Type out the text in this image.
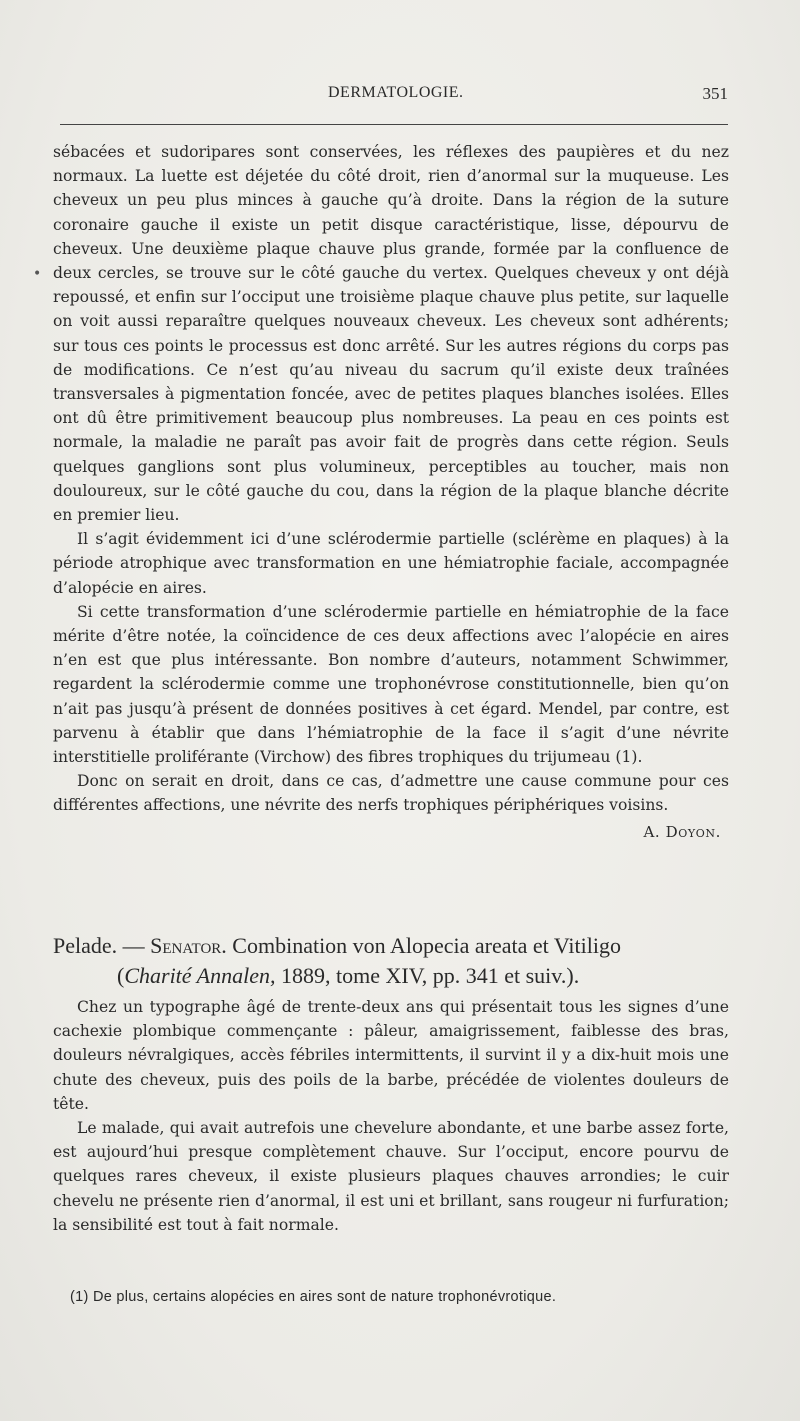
DERMATOLOGIE.	351
•

sébacées et sudoripares sont conservées, les réflexes des paupières et du nez normaux. La luette est déjetée du côté droit, rien d’anormal sur la muqueuse. Les cheveux un peu plus minces à gauche qu’à droite. Dans la région de la suture coronaire gauche il existe un petit disque caractéristique, lisse, dépourvu de cheveux. Une deuxième plaque chauve plus grande, formée par la confluence de deux cercles, se trouve sur le côté gauche du vertex. Quelques cheveux y ont déjà repoussé, et enfin sur l’occiput une troisième plaque chauve plus petite, sur laquelle on voit aussi reparaître quelques nouveaux cheveux. Les cheveux sont adhérents; sur tous ces points le processus est donc arrêté. Sur les autres régions du corps pas de modifications. Ce n’est qu’au niveau du sacrum qu’il existe deux traînées transversales à pigmentation foncée, avec de petites plaques blanches isolées. Elles ont dû être primitivement beaucoup plus nombreuses. La peau en ces points est normale, la maladie ne paraît pas avoir fait de progrès dans cette région. Seuls quelques ganglions sont plus volumineux, perceptibles au toucher, mais non douloureux, sur le côté gauche du cou, dans la région de la plaque blanche décrite en premier lieu.

Il s’agit évidemment ici d’une sclérodermie partielle (sclérème en plaques) à la période atrophique avec transformation en une hémiatrophie faciale, accompagnée d’alopécie en aires.

Si cette transformation d’une sclérodermie partielle en hémiatrophie de la face mérite d’être notée, la coïncidence de ces deux affections avec l’alopécie en aires n’en est que plus intéressante. Bon nombre d’auteurs, notamment Schwimmer, regardent la sclérodermie comme une trophonévrose constitutionnelle, bien qu’on n’ait pas jusqu’à présent de données positives à cet égard. Mendel, par contre, est parvenu à établir que dans l’hémiatrophie de la face il s’agit d’une névrite interstitielle proliférante (Virchow) des fibres trophiques du trijumeau (1).

Donc on serait en droit, dans ce cas, d’admettre une cause commune pour ces différentes affections, une névrite des nerfs trophiques périphériques voisins.

A. Doyon.
Pelade. — Senator. Combination von Alopecia areata et Vitiligo
(Charité Annalen, 1889, tome XIV, pp. 341 et suiv.).

Chez un typographe âgé de trente-deux ans qui présentait tous les signes d’une cachexie plombique commençante : pâleur, amaigrissement, faiblesse des bras, douleurs névralgiques, accès fébriles intermittents, il survint il y a dix-huit mois une chute des cheveux, puis des poils de la barbe, précédée de violentes douleurs de tête.

Le malade, qui avait autrefois une chevelure abondante, et une barbe assez forte, est aujourd’hui presque complètement chauve. Sur l’occiput, encore pourvu de quelques rares cheveux, il existe plusieurs plaques chauves arrondies; le cuir chevelu ne présente rien d’anormal, il est uni et brillant, sans rougeur ni furfuration; la sensibilité est tout à fait normale.

(1) De plus, certains alopécies en aires sont de nature trophonévrotique.
